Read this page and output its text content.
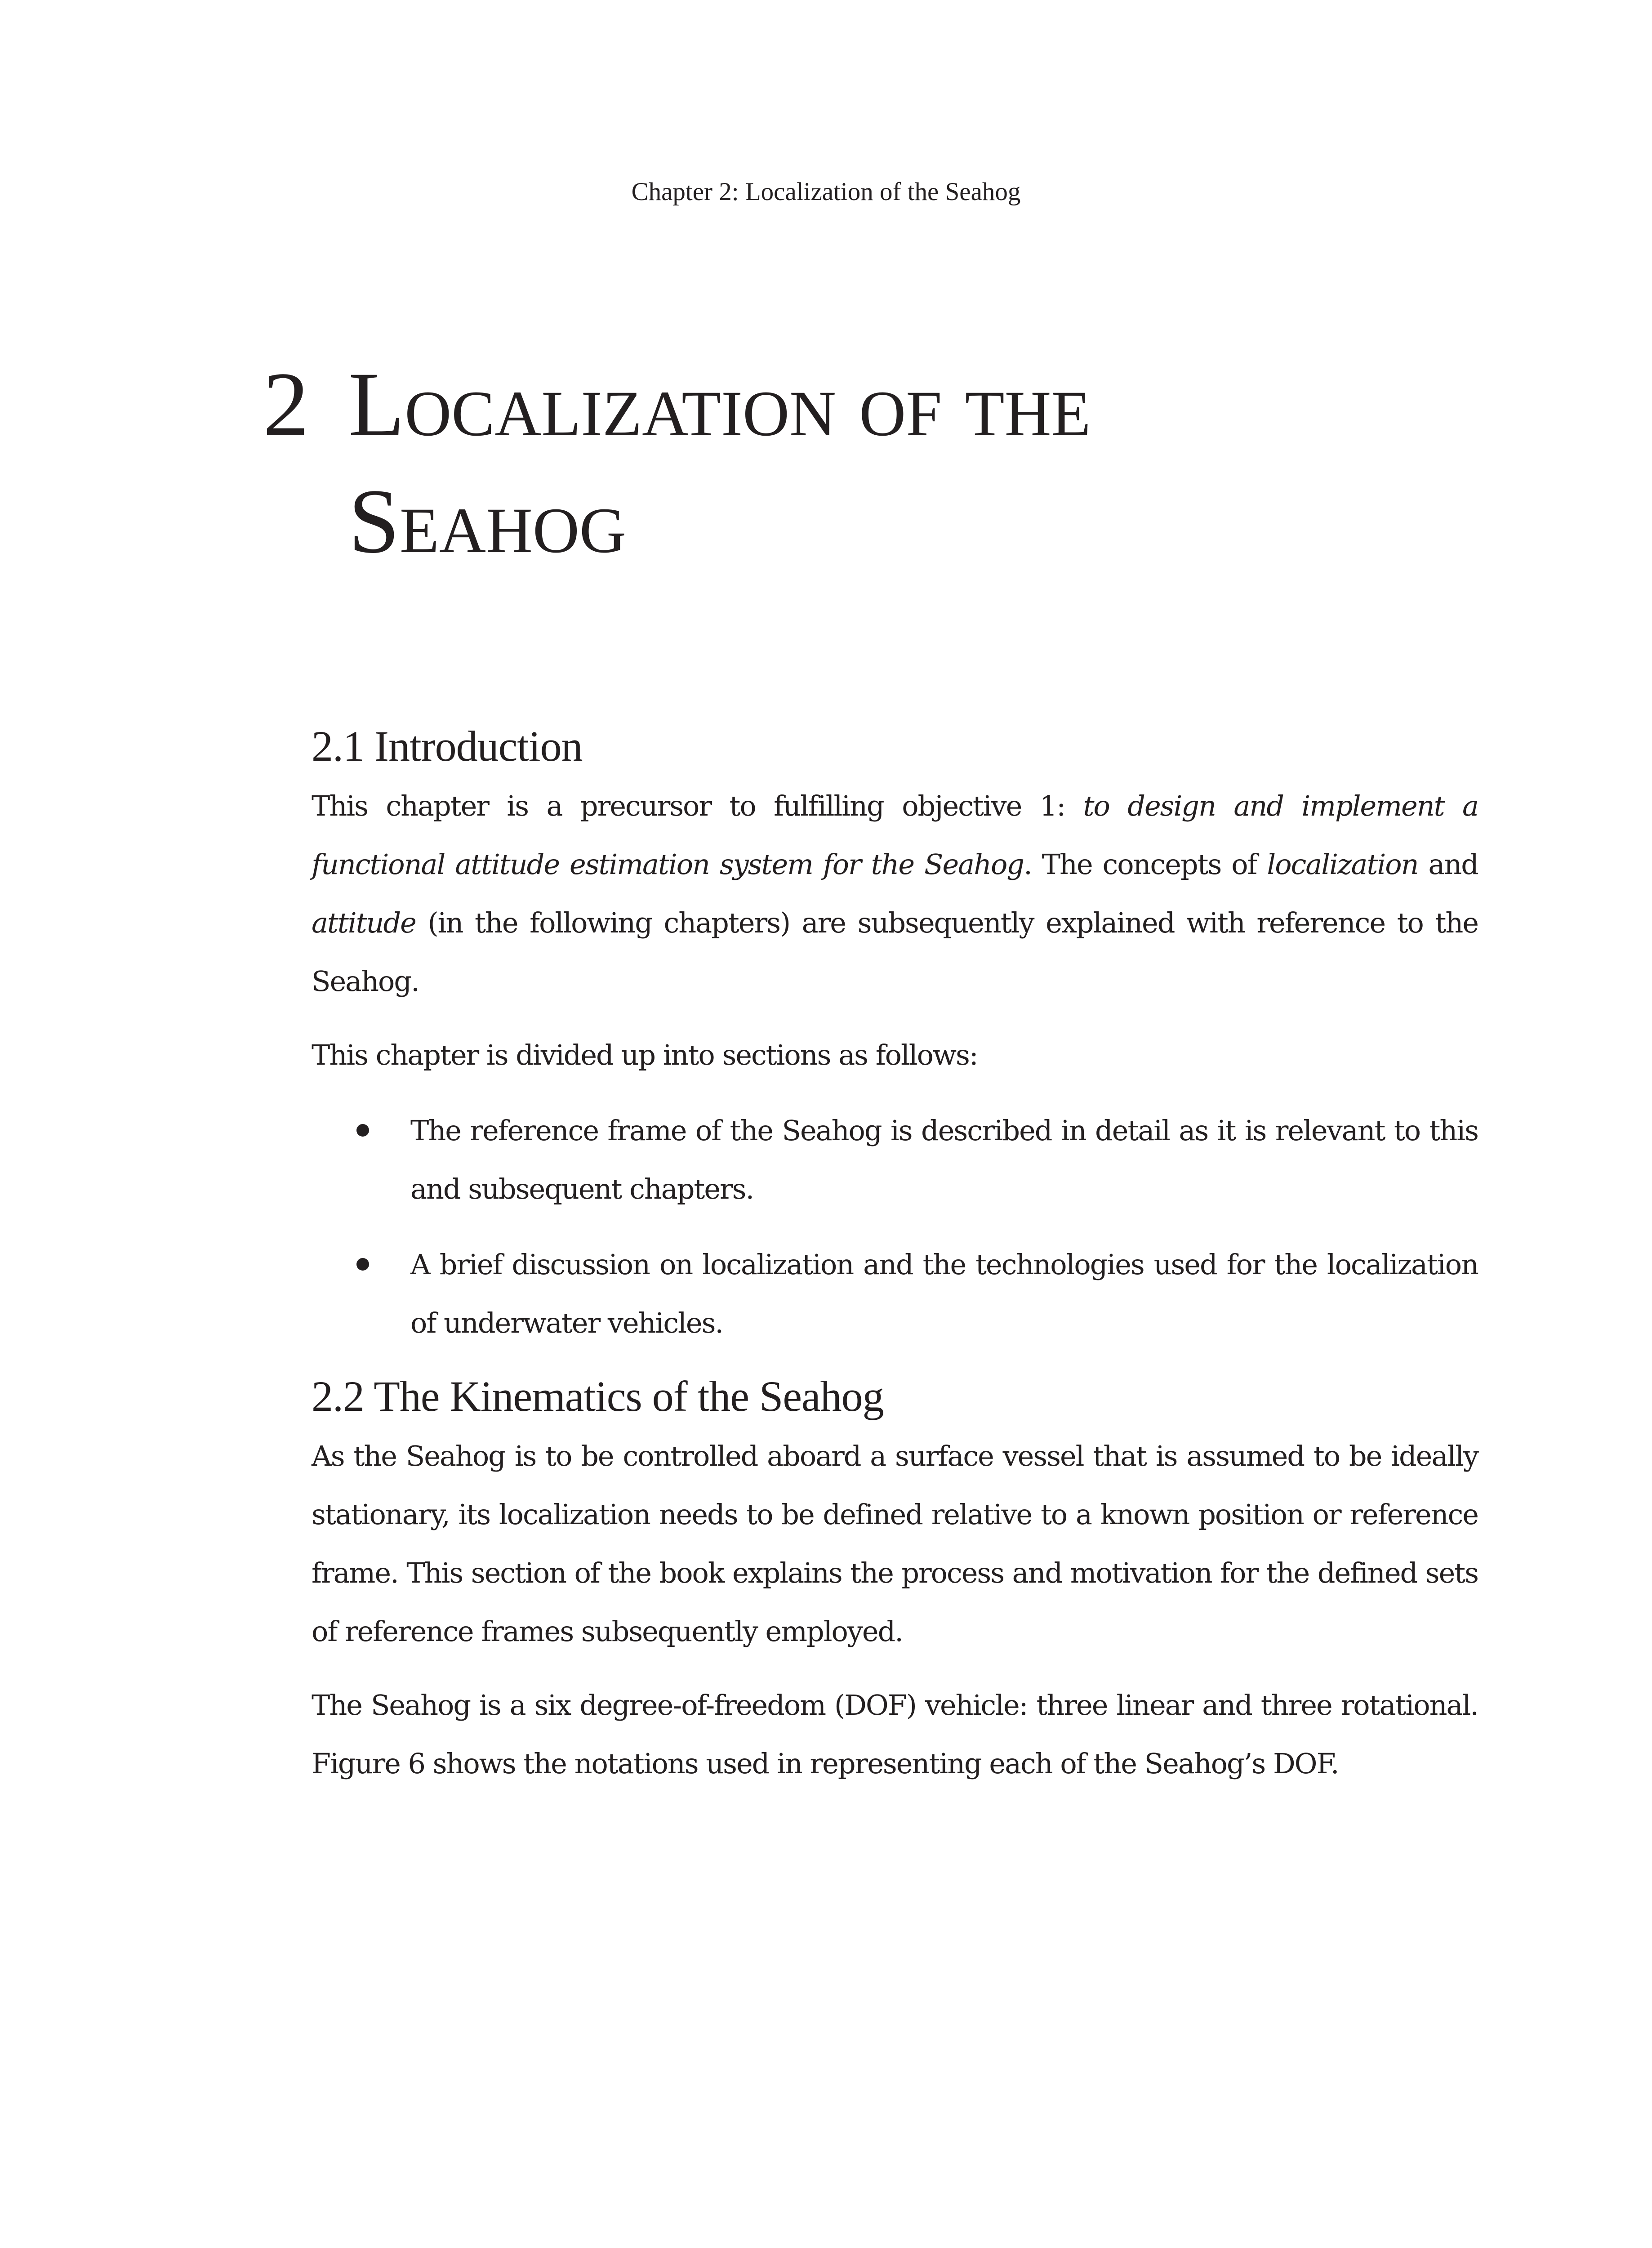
Chapter 2: Localization of the Seahog
2 Localization of the
Seahog
2.1 Introduction

This chapter is a precursor to fulfilling objective 1: to design and implement a functional attitude estimation system for the Seahog. The concepts of localization and attitude (in the following chapters) are subsequently explained with reference to the Seahog.

This chapter is divided up into sections as follows:

The reference frame of the Seahog is described in detail as it is relevant to this and subsequent chapters.
A brief discussion on localization and the technologies used for the localization of underwater vehicles.
2.2 The Kinematics of the Seahog

As the Seahog is to be controlled aboard a surface vessel that is assumed to be ideally stationary, its localization needs to be defined relative to a known position or reference frame. This section of the book explains the process and motivation for the defined sets of reference frames subsequently employed.

The Seahog is a six degree-of-freedom (DOF) vehicle: three linear and three rotational. Figure 6 shows the notations used in representing each of the Seahog’s DOF.
